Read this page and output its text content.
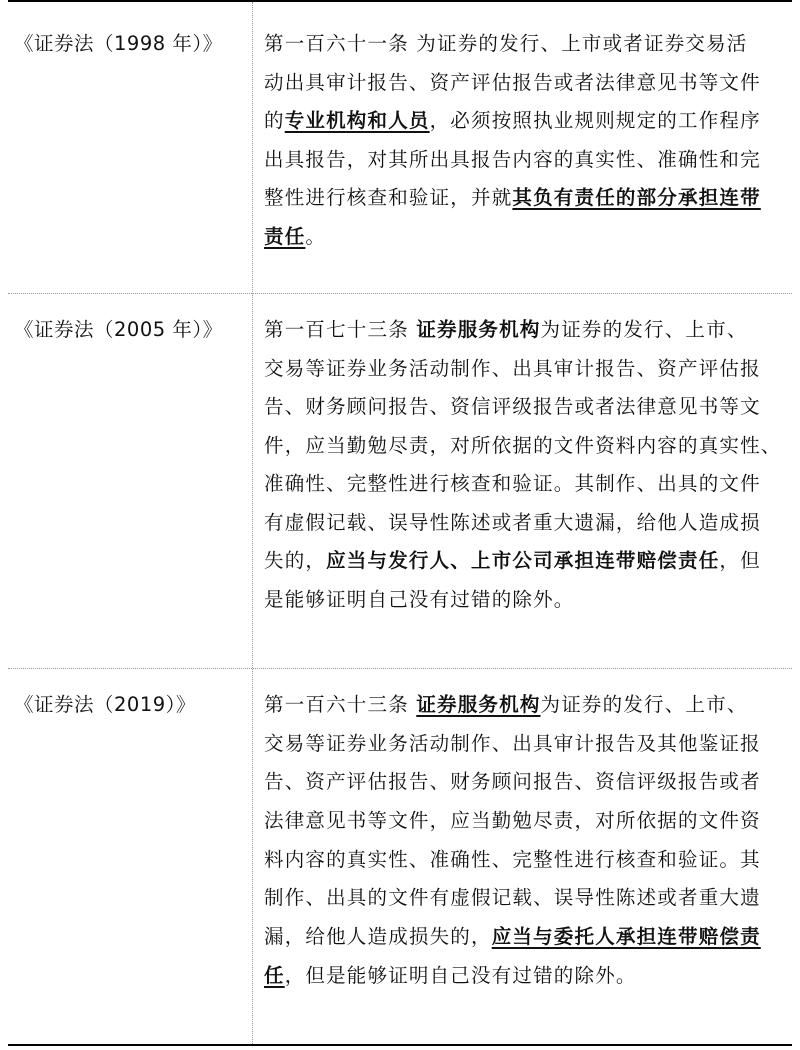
《证券法（1998 年）》 第一百六十一条 为证券的发行、上市或者证券交易活
动出具审计报告、资产评估报告或者法律意见书等文件
的专业机构和人员，必须按照执业规则规定的工作程序
出具报告，对其所出具报告内容的真实性、准确性和完
整性进行核查和验证，并就其负有责任的部分承担连带
责任。
《证券法（2005 年）》 第一百七十三条 证券服务机构为证券的发行、上市、
交易等证券业务活动制作、出具审计报告、资产评估报
告、财务顾问报告、资信评级报告或者法律意见书等文
件，应当勤勉尽责，对所依据的文件资料内容的真实性、
准确性、完整性进行核查和验证。其制作、出具的文件
有虚假记载、误导性陈述或者重大遗漏，给他人造成损
失的，应当与发行人、上市公司承担连带赔偿责任，但
是能够证明自己没有过错的除外。
《证券法（2019）》	第一百六十三条 证券服务机构为证券的发行、上市、
交易等证券业务活动制作、出具审计报告及其他鉴证报
告、资产评估报告、财务顾问报告、资信评级报告或者
法律意见书等文件，应当勤勉尽责，对所依据的文件资
料内容的真实性、准确性、完整性进行核查和验证。其
制作、出具的文件有虚假记载、误导性陈述或者重大遗
漏，给他人造成损失的，应当与委托人承担连带赔偿责
任，但是能够证明自己没有过错的除外。
